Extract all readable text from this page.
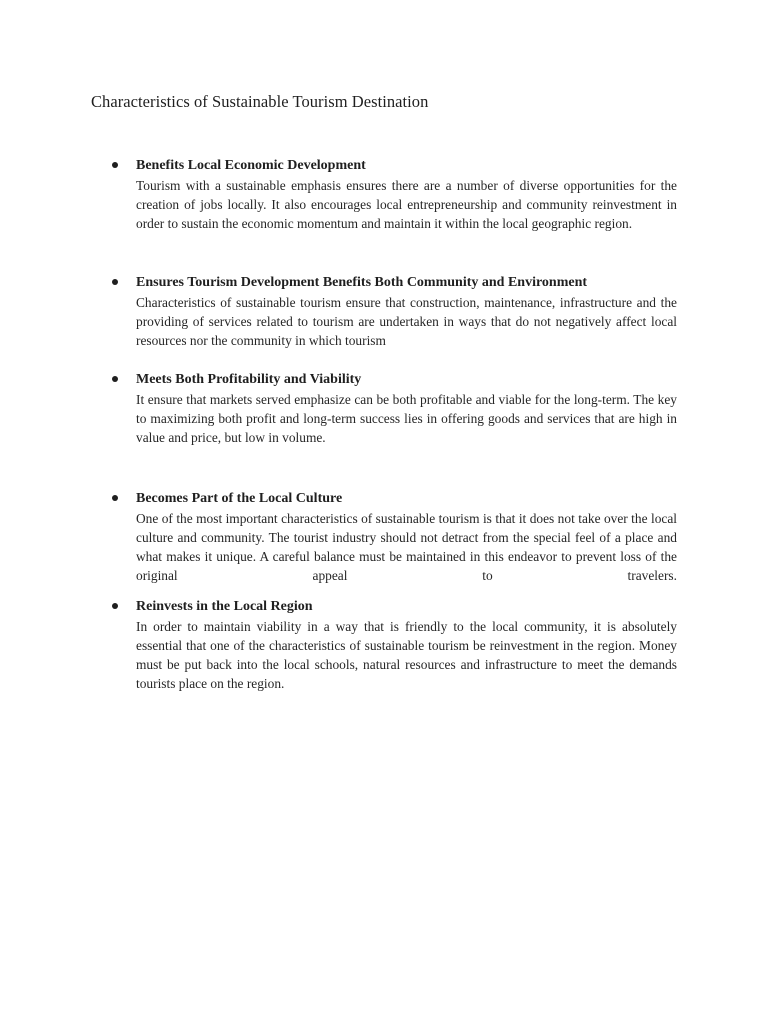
Characteristics of Sustainable Tourism Destination
Benefits Local Economic Development

Tourism with a sustainable emphasis ensures there are a number of diverse opportunities for the creation of jobs locally. It also encourages local entrepreneurship and community reinvestment in order to sustain the economic momentum and maintain it within the local geographic region.

Ensures Tourism Development Benefits Both Community and Environment

Characteristics of sustainable tourism ensure that construction, maintenance, infrastructure and the providing of services related to tourism are undertaken in ways that do not negatively affect local resources nor the community in which tourism

Meets Both Profitability and Viability

It ensure that markets served emphasize can be both profitable and viable for the long-term. The key to maximizing both profit and long-term success lies in offering goods and services that are high in value and price, but low in volume.

Becomes Part of the Local Culture

One of the most important characteristics of sustainable tourism is that it does not take over the local culture and community. The tourist industry should not detract from the special feel of a place and what makes it unique. A careful balance must be maintained in this endeavor to prevent loss of the original appeal to travelers.

Reinvests in the Local Region

In order to maintain viability in a way that is friendly to the local community, it is absolutely essential that one of the characteristics of sustainable tourism be reinvestment in the region. Money must be put back into the local schools, natural resources and infrastructure to meet the demands tourists place on the region.
